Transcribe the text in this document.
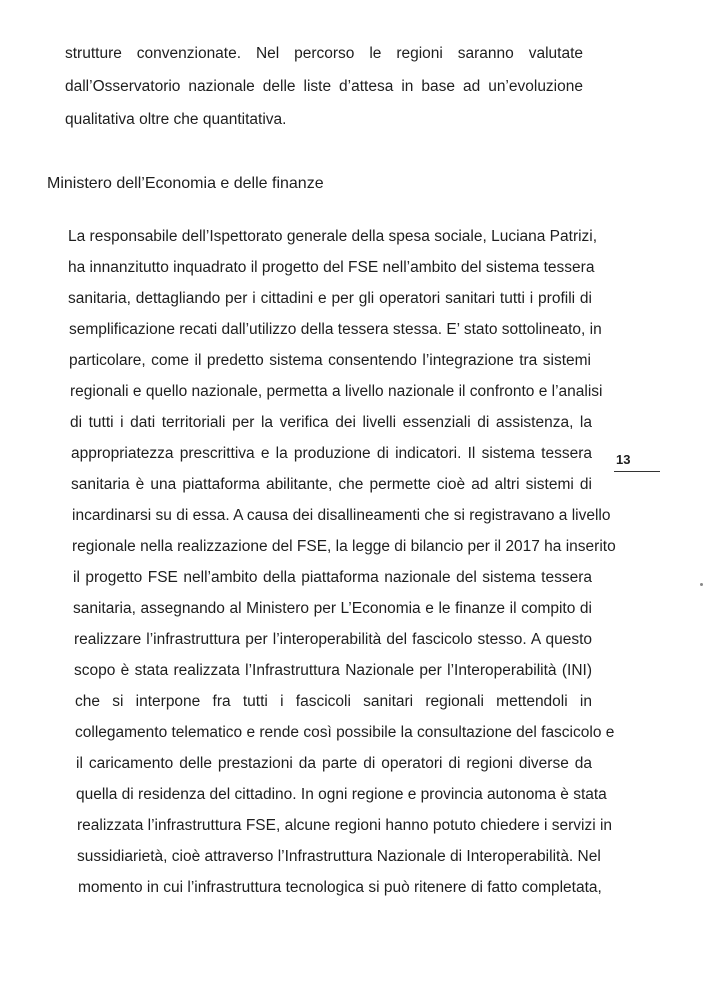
strutture convenzionate. Nel percorso le regioni saranno valutate
dall’Osservatorio nazionale delle liste d’attesa in base ad un’evoluzione
qualitativa oltre che quantitativa.
Ministero dell’Economia e delle finanze
La responsabile dell’Ispettorato generale della spesa sociale, Luciana Patrizi,
ha innanzitutto inquadrato il progetto del FSE nell’ambito del sistema tessera
sanitaria, dettagliando per i cittadini e per gli operatori sanitari tutti i profili di
semplificazione recati dall’utilizzo della tessera stessa. E’ stato sottolineato, in
particolare, come il predetto sistema consentendo l’integrazione tra sistemi
regionali e quello nazionale, permetta a livello nazionale il confronto e l’analisi
di tutti i dati territoriali per la verifica dei livelli essenziali di assistenza, la
appropriatezza prescrittiva e la produzione di indicatori. Il sistema tessera
sanitaria è una piattaforma abilitante, che permette cioè ad altri sistemi di
incardinarsi su di essa. A causa dei disallineamenti che si registravano a livello
regionale nella realizzazione del FSE, la legge di bilancio per il 2017 ha inserito
il progetto FSE nell’ambito della piattaforma nazionale del sistema tessera
sanitaria, assegnando al Ministero per L’Economia e le finanze il compito di
realizzare l’infrastruttura per l’interoperabilità del fascicolo stesso. A questo
scopo è stata realizzata l’Infrastruttura Nazionale per l’Interoperabilità (INI)
che si interpone fra tutti i fascicoli sanitari regionali mettendoli in
collegamento telematico e rende così possibile la consultazione del fascicolo e
il caricamento delle prestazioni da parte di operatori di regioni diverse da
quella di residenza del cittadino. In ogni regione e provincia autonoma è stata
realizzata l’infrastruttura FSE, alcune regioni hanno potuto chiedere i servizi in
sussidiarietà, cioè attraverso l’Infrastruttura Nazionale di Interoperabilità. Nel
momento in cui l’infrastruttura tecnologica si può ritenere di fatto completata,
13
